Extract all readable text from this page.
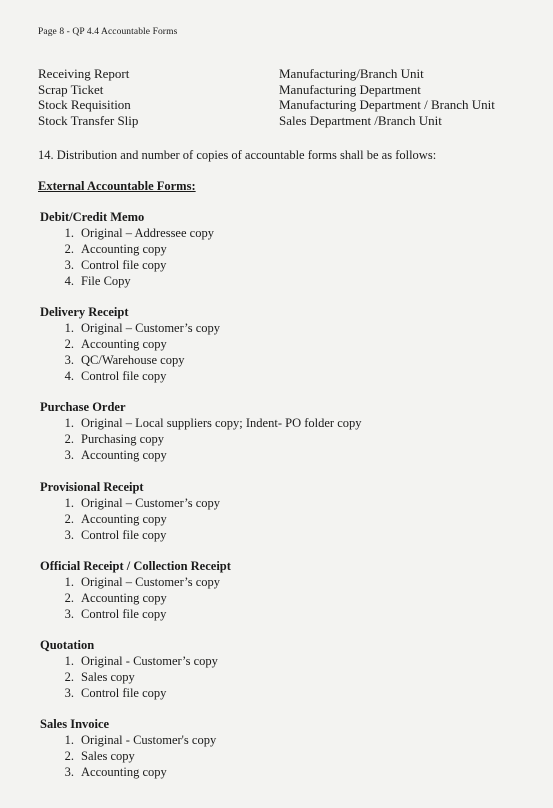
Page 8 - QP 4.4 Accountable Forms
Receiving Report	Manufacturing/Branch Unit
Scrap Ticket	Manufacturing Department
Stock Requisition	Manufacturing Department / Branch Unit
Stock Transfer Slip	Sales Department /Branch Unit
14. Distribution and number of copies of accountable forms shall be as follows:
External Accountable Forms:
Debit/Credit Memo
1. Original – Addressee copy
2. Accounting copy
3. Control file copy
4. File Copy
Delivery Receipt
1. Original – Customer’s copy
2. Accounting copy
3. QC/Warehouse copy
4. Control file copy
Purchase Order
1. Original – Local suppliers copy; Indent- PO folder copy
2. Purchasing copy
3. Accounting copy
Provisional Receipt
1. Original – Customer’s copy
2. Accounting copy
3. Control file copy
Official Receipt / Collection Receipt
1. Original – Customer’s copy
2. Accounting copy
3. Control file copy
Quotation
1. Original - Customer’s copy
2. Sales copy
3. Control file copy
Sales Invoice
1. Original - Customer's copy
2. Sales copy
3. Accounting copy
